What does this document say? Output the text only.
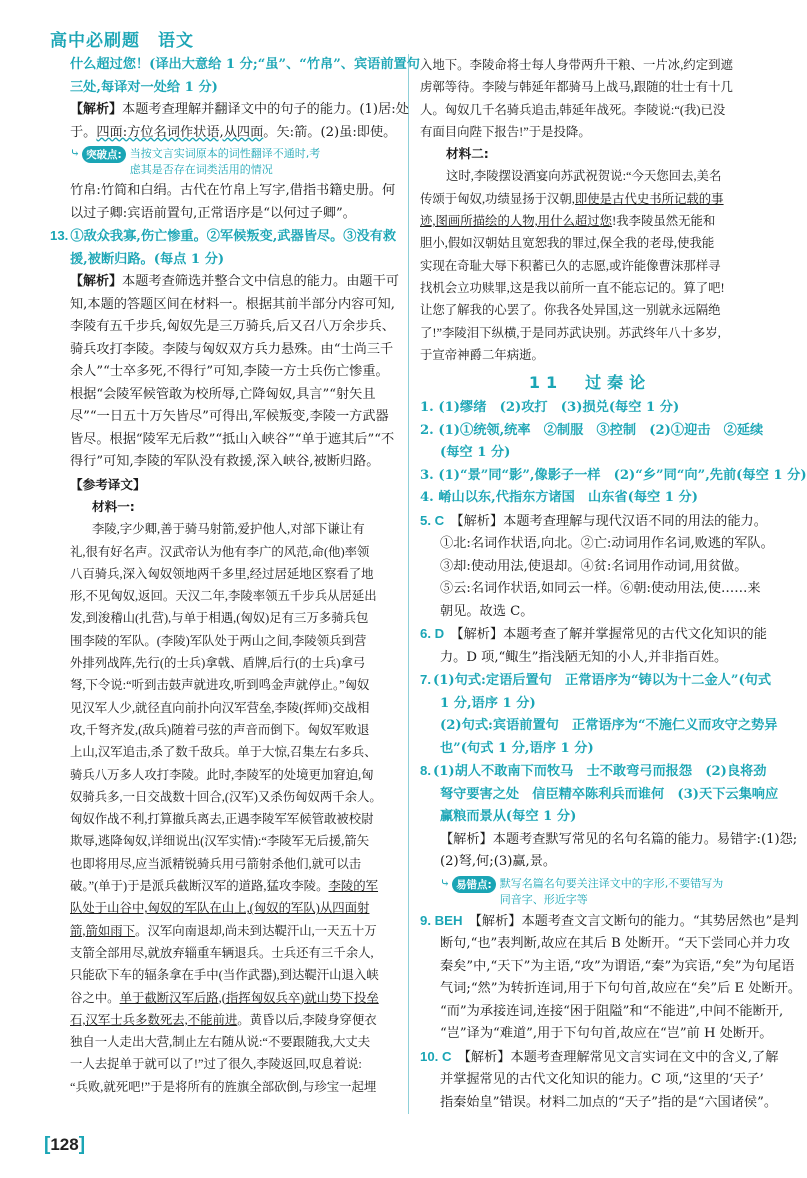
高中必刷题　语文

什么超过您！(译出大意给 1 分;“虽”、“竹帛”、宾语前置句

三处,每译对一处给 1 分)

【解析】本题考查理解并翻译文中的句子的能力。(1)居:处

于。四面:方位名词作状语,从四面。矢:箭。(2)虽:即使。

⤷ 突破点: 当按文言实词原本的词性翻译不通时,考
虑其是否存在词类活用的情况

竹帛:竹简和白绢。古代在竹帛上写字,借指书籍史册。何

以过子卿:宾语前置句,正常语序是“以何过子卿”。

13. ①敌众我寡,伤亡惨重。②军候叛变,武器皆尽。③没有救

援,被断归路。(每点 1 分)

【解析】本题考查筛选并整合文中信息的能力。由题干可

知,本题的答题区间在材料一。根据其前半部分内容可知,

李陵有五千步兵,匈奴先是三万骑兵,后又召八万余步兵、

骑兵攻打李陵。李陵与匈奴双方兵力悬殊。由“士尚三千

余人”“士卒多死,不得行”可知,李陵一方士兵伤亡惨重。

根据“会陵军候管敢为校所辱,亡降匈奴,具言”“射矢且

尽”“一日五十万矢皆尽”可得出,军候叛变,李陵一方武器

皆尽。根据“陵军无后救”“抵山入峡谷”“单于遮其后”“不

得行”可知,李陵的军队没有救援,深入峡谷,被断归路。

【参考译文】

材料一:

李陵,字少卿,善于骑马射箭,爱护他人,对部下谦让有

礼,很有好名声。汉武帝认为他有李广的风范,命(他)率领

八百骑兵,深入匈奴领地两千多里,经过居延地区察看了地

形,不见匈奴,返回。天汉二年,李陵率领五千步兵从居延出

发,到浚稽山(扎营),与单于相遇,(匈奴)足有三万多骑兵包

围李陵的军队。(李陵)军队处于两山之间,李陵领兵到营

外排列战阵,先行(的士兵)拿戟、盾牌,后行(的士兵)拿弓

弩,下令说:“听到击鼓声就进攻,听到鸣金声就停止。”匈奴

见汉军人少,就径直向前扑向汉军营垒,李陵(挥师)交战相

攻,千弩齐发,(敌兵)随着弓弦的声音而倒下。匈奴军败退

上山,汉军追击,杀了数千敌兵。单于大惊,召集左右多兵、

骑兵八万多人攻打李陵。此时,李陵军的处境更加窘迫,匈

奴骑兵多,一日交战数十回合,(汉军)又杀伤匈奴两千余人。

匈奴作战不利,打算撤兵离去,正遇李陵军军候管敢被校尉

欺辱,逃降匈奴,详细说出(汉军实情):“李陵军无后援,箭矢

也即将用尽,应当派精锐骑兵用弓箭射杀他们,就可以击

破。”(单于)于是派兵截断汉军的道路,猛攻李陵。李陵的军

队处于山谷中,匈奴的军队在山上,(匈奴的军队)从四面射

箭,箭如雨下。汉军向南退却,尚未到达鞮汗山,一天五十万

支箭全部用尽,就放弃辎重车辆退兵。士兵还有三千余人,

只能砍下车的辐条拿在手中(当作武器),到达鞮汗山退入峡

谷之中。单于截断汉军后路,(指挥匈奴兵卒)就山势下投垒

石,汉军士兵多数死去,不能前进。黄昏以后,李陵身穿便衣

独自一人走出大营,制止左右随从说:“不要跟随我,大丈夫

一人去捉单于就可以了!”过了很久,李陵返回,叹息着说:

“兵败,就死吧!”于是将所有的旌旗全部砍倒,与珍宝一起埋

入地下。李陵命将士每人身带两升干粮、一片冰,约定到遮

虏鄣等待。李陵与韩延年都骑马上战马,跟随的壮士有十几

人。匈奴几千名骑兵追击,韩延年战死。李陵说:“(我)已没

有面目向陛下报告!”于是投降。

材料二:

这时,李陵摆设酒宴向苏武祝贺说:“今天您回去,美名

传颂于匈奴,功绩显扬于汉朝,即使是古代史书所记载的事

迹,图画所描绘的人物,用什么超过您!我李陵虽然无能和

胆小,假如汉朝姑且宽恕我的罪过,保全我的老母,使我能

实现在奇耻大辱下积蓄已久的志愿,或许能像曹沫那样寻

找机会立功赎罪,这是我以前所一直不能忘记的。算了吧!

让您了解我的心罢了。你我各处异国,这一别就永远隔绝

了!”李陵泪下纵横,于是同苏武诀别。苏武终年八十多岁,

于宣帝神爵二年病逝。

11　过秦论

1. (1)缪绪　(2)攻打　(3)损兑(每空 1 分)

2. (1)①统领,统率　②制服　③控制　(2)①迎击　②延续

(每空 1 分)

3. (1)“景”同“影”,像影子一样　(2)“乡”同“向”,先前(每空 1 分)

4. 崤山以东,代指东方诸国　山东省(每空 1 分)

5. C 【解析】本题考查理解与现代汉语不同的用法的能力。

①北:名词作状语,向北。②亡:动词用作名词,败逃的军队。

③却:使动用法,使退却。④贫:名词用作动词,用贫做。

⑤云:名词作状语,如同云一样。⑥朝:使动用法,使……来

朝见。故选 C。

6. D 【解析】本题考查了解并掌握常见的古代文化知识的能

力。D 项,“鲰生”指浅陋无知的小人,并非指百姓。

7. (1)句式:定语后置句　正常语序为“铸以为十二金人”(句式

1 分,语序 1 分)

(2)句式:宾语前置句　正常语序为“不施仁义而攻守之势异

也”(句式 1 分,语序 1 分)

8. (1)胡人不敢南下而牧马　士不敢弯弓而报怨　(2)良将劲

弩守要害之处　信臣精卒陈利兵而谁何　(3)天下云集响应

赢粮而景从(每空 1 分)

【解析】本题考查默写常见的名句名篇的能力。易错字:(1)怨;

(2)弩,何;(3)赢,景。

⤷ 易错点: 默写名篇名句要关注译文中的字形,不要错写为
同音字、形近字等

9. BEH 【解析】本题考查文言文断句的能力。“其势居然也”是判

断句,“也”表判断,故应在其后 B 处断开。“天下尝同心并力攻

秦矣”中,“天下”为主语,“攻”为谓语,“秦”为宾语,“矣”为句尾语

气词;“然”为转折连词,用于下句句首,故应在“矣”后 E 处断开。

“而”为承接连词,连接“困于阻隘”和“不能进”,中间不能断开,

“岂”译为“难道”,用于下句句首,故应在“岂”前 H 处断开。

10. C 【解析】本题考查理解常见文言实词在文中的含义,了解

并掌握常见的古代文化知识的能力。C 项,“这里的‘天子’

指秦始皇”错误。材料二加点的“天子”指的是“六国诸侯”。

[128]
